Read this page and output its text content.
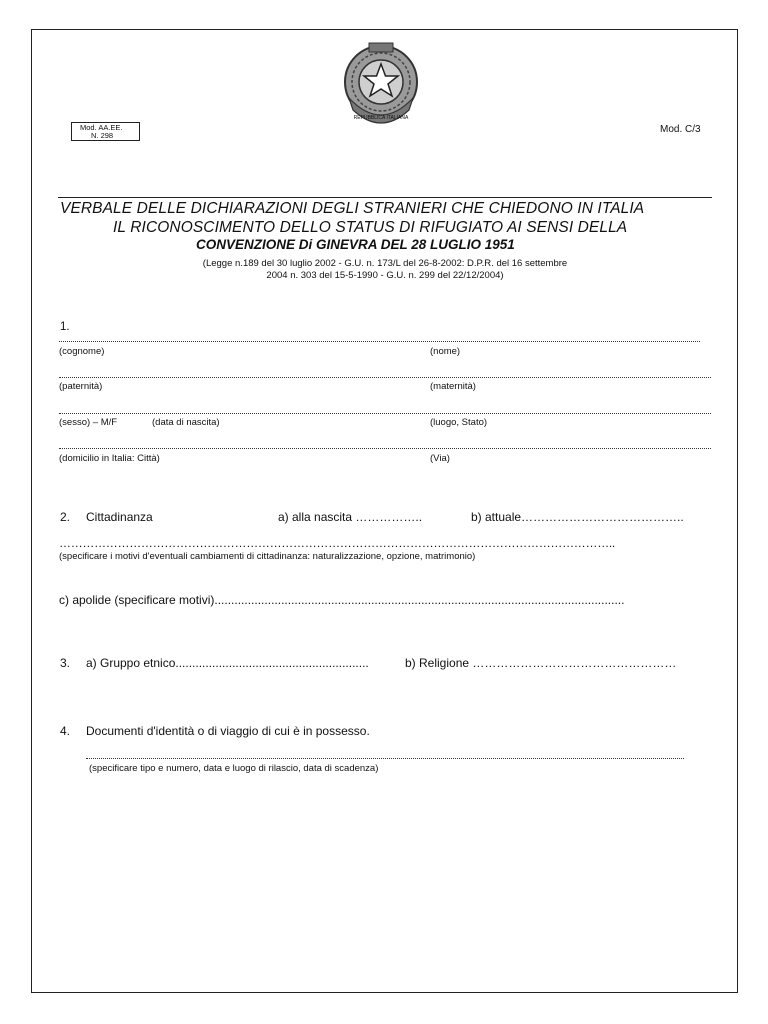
REPUBBLICA ITALIANA
Mod. AA.EE.
N. 298
Mod. C/3
VERBALE DELLE DICHIARAZIONI DEGLI STRANIERI CHE CHIEDONO IN ITALIA
IL RICONOSCIMENTO DELLO STATUS DI RIFUGIATO AI SENSI DELLA
CONVENZIONE Di GINEVRA DEL 28 LUGLIO 1951
(Legge n.189 del 30 luglio 2002 - G.U. n. 173/L del 26-8-2002: D.P.R. del 16 settembre
2004 n. 303 del 15-5-1990 - G.U. n. 299 del 22/12/2004)
1.
(cognome)	(nome)
(paternità)	(maternità)
(sesso) – M/F	(data di nascita)	(luogo, Stato)
(domicilio in Italia: Città)	(Via)
2. Cittadinanza	a) alla nascita ……………..	b) attuale…………………………………..
……………………………………………………………………………………………………………………………..
(specificare i motivi d'eventuali cambiamenti di cittadinanza: naturalizzazione, opzione, matrimonio)
c) apolide (specificare motivi)...........................................................................................................................
3. a) Gruppo etnico..........................................................	b) Religione ……………………………………………
4. Documenti d'identità o di viaggio di cui è in possesso.
(specificare tipo e numero, data e luogo di rilascio, data di scadenza)
